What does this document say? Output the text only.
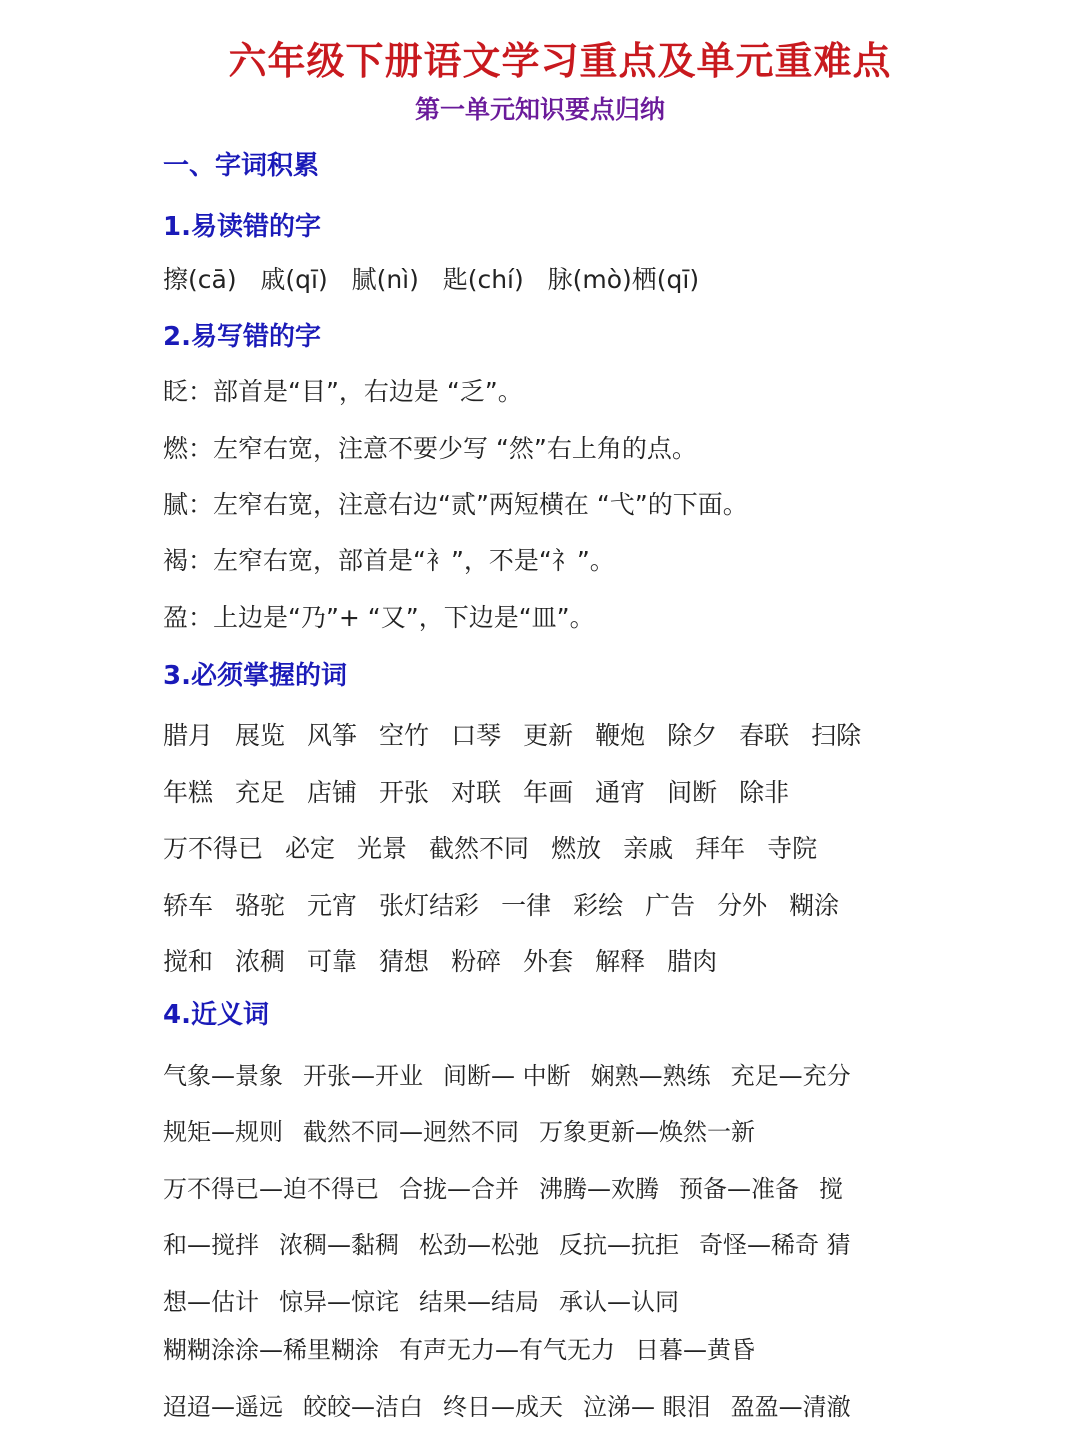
六年级下册语文学习重点及单元重难点
第一单元知识要点归纳
一、字词积累
1.易读错的字
擦(cā)   戚(qī)   腻(nì)   匙(chí)   脉(mò)栖(qī)
2.易写错的字
眨：部首是“目”，右边是 “乏”。
燃：左窄右宽，注意不要少写 “然”右上角的点。
腻：左窄右宽，注意右边“贰”两短横在 “弋”的下面。
褐：左窄右宽，部首是“衤”，不是“礻”。
盈：上边是“乃”+ “又”，下边是“皿”。
3.必须掌握的词
腊月 展览 风筝 空竹 口琴 更新 鞭炮 除夕 春联 扫除
年糕 充足 店铺 开张 对联 年画 通宵 间断 除非
万不得已 必定 光景 截然不同 燃放 亲戚 拜年 寺院
轿车 骆驼 元宵 张灯结彩 一律 彩绘 广告 分外 糊涂
搅和 浓稠 可靠 猜想 粉碎 外套 解释 腊肉
4.近义词
气象—景象 开张—开业 间断— 中断 娴熟—熟练 充足—充分
规矩—规则 截然不同—迥然不同 万象更新—焕然一新
万不得已—迫不得已 合拢—合并 沸腾—欢腾 预备—准备 搅
和—搅拌 浓稠—黏稠 松劲—松弛 反抗—抗拒 奇怪—稀奇 猜
想—估计 惊异—惊诧 结果—结局 承认—认同
糊糊涂涂—稀里糊涂 有声无力—有气无力 日暮—黄昏
迢迢—遥远 皎皎—洁白 终日—成天 泣涕— 眼泪 盈盈—清澈
